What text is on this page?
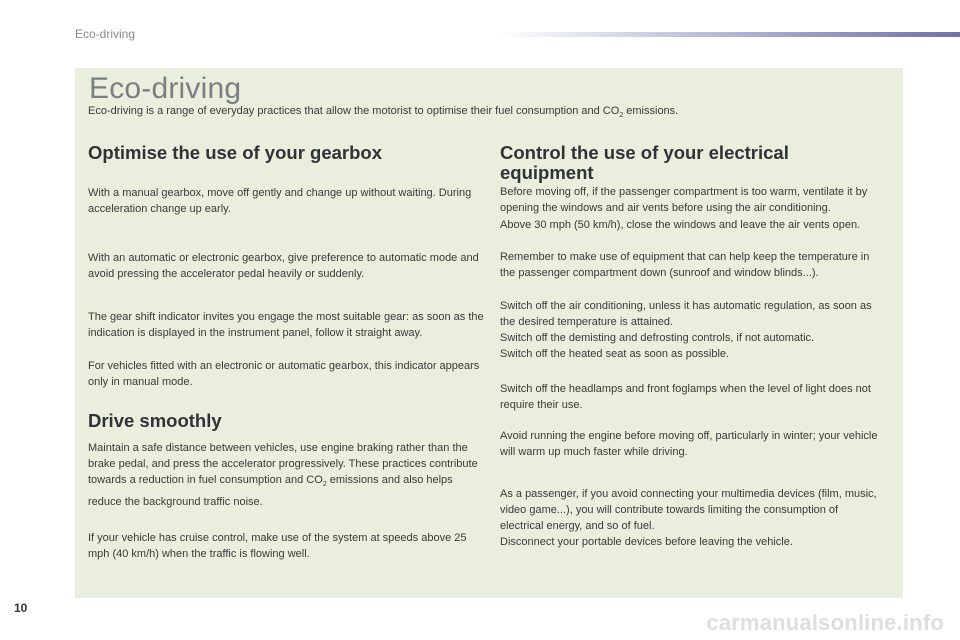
Eco-driving
Eco-driving
Eco-driving is a range of everyday practices that allow the motorist to optimise their fuel consumption and $CO_2$ emissions.
Optimise the use of your gearbox

With a manual gearbox, move off gently and change up without waiting. During acceleration change up early.

With an automatic or electronic gearbox, give preference to automatic mode and avoid pressing the accelerator pedal heavily or suddenly.

The gear shift indicator invites you engage the most suitable gear: as soon as the indication is displayed in the instrument panel, follow it straight away.

For vehicles fitted with an electronic or automatic gearbox, this indicator appears only in manual mode.

Drive smoothly

Maintain a safe distance between vehicles, use engine braking rather than the brake pedal, and press the accelerator progressively. These practices contribute towards a reduction in fuel consumption and $CO_2$ emissions and also helps reduce the background traffic noise.

If your vehicle has cruise control, make use of the system at speeds above 25 mph (40 km/h) when the traffic is flowing well.

Control the use of your electrical equipment

Before moving off, if the passenger compartment is too warm, ventilate it by opening the windows and air vents before using the air conditioning.

Above 30 mph (50 km/h), close the windows and leave the air vents open.

Remember to make use of equipment that can help keep the temperature in the passenger compartment down (sunroof and window blinds...).

Switch off the air conditioning, unless it has automatic regulation, as soon as the desired temperature is attained.

Switch off the demisting and defrosting controls, if not automatic.

Switch off the heated seat as soon as possible.

Switch off the headlamps and front foglamps when the level of light does not require their use.

Avoid running the engine before moving off, particularly in winter; your vehicle will warm up much faster while driving.

As a passenger, if you avoid connecting your multimedia devices (film, music, video game...), you will contribute towards limiting the consumption of electrical energy, and so of fuel.

Disconnect your portable devices before leaving the vehicle.

10
carmanualsonline.info
